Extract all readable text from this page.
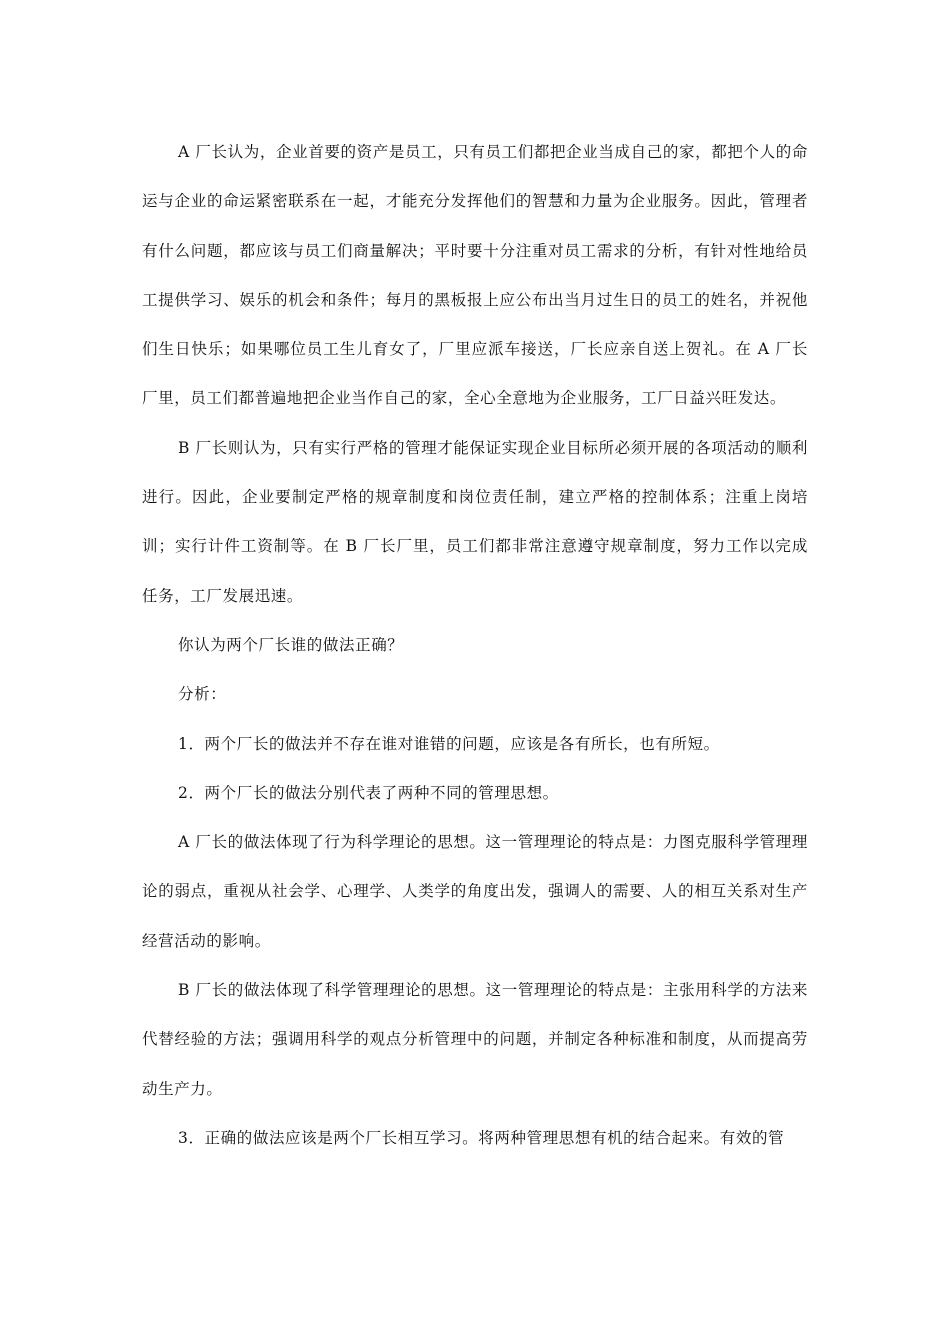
A 厂长认为，企业首要的资产是员工，只有员工们都把企业当成自己的家，都把个人的命运与企业的命运紧密联系在一起，才能充分发挥他们的智慧和力量为企业服务。因此，管理者有什么问题，都应该与员工们商量解决；平时要十分注重对员工需求的分析，有针对性地给员工提供学习、娱乐的机会和条件；每月的黑板报上应公布出当月过生日的员工的姓名，并祝他们生日快乐；如果哪位员工生儿育女了，厂里应派车接送，厂长应亲自送上贺礼。在 A 厂长厂里，员工们都普遍地把企业当作自己的家，全心全意地为企业服务，工厂日益兴旺发达。

B 厂长则认为，只有实行严格的管理才能保证实现企业目标所必须开展的各项活动的顺利进行。因此，企业要制定严格的规章制度和岗位责任制，建立严格的控制体系；注重上岗培训；实行计件工资制等。在 B 厂长厂里，员工们都非常注意遵守规章制度，努力工作以完成任务，工厂发展迅速。

你认为两个厂长谁的做法正确？

分析：

1．两个厂长的做法并不存在谁对谁错的问题，应该是各有所长，也有所短。

2．两个厂长的做法分别代表了两种不同的管理思想。

A 厂长的做法体现了行为科学理论的思想。这一管理理论的特点是：力图克服科学管理理论的弱点，重视从社会学、心理学、人类学的角度出发，强调人的需要、人的相互关系对生产经营活动的影响。

B 厂长的做法体现了科学管理理论的思想。这一管理理论的特点是：主张用科学的方法来代替经验的方法；强调用科学的观点分析管理中的问题，并制定各种标准和制度，从而提高劳动生产力。

3．正确的做法应该是两个厂长相互学习。将两种管理思想有机的结合起来。有效的管
